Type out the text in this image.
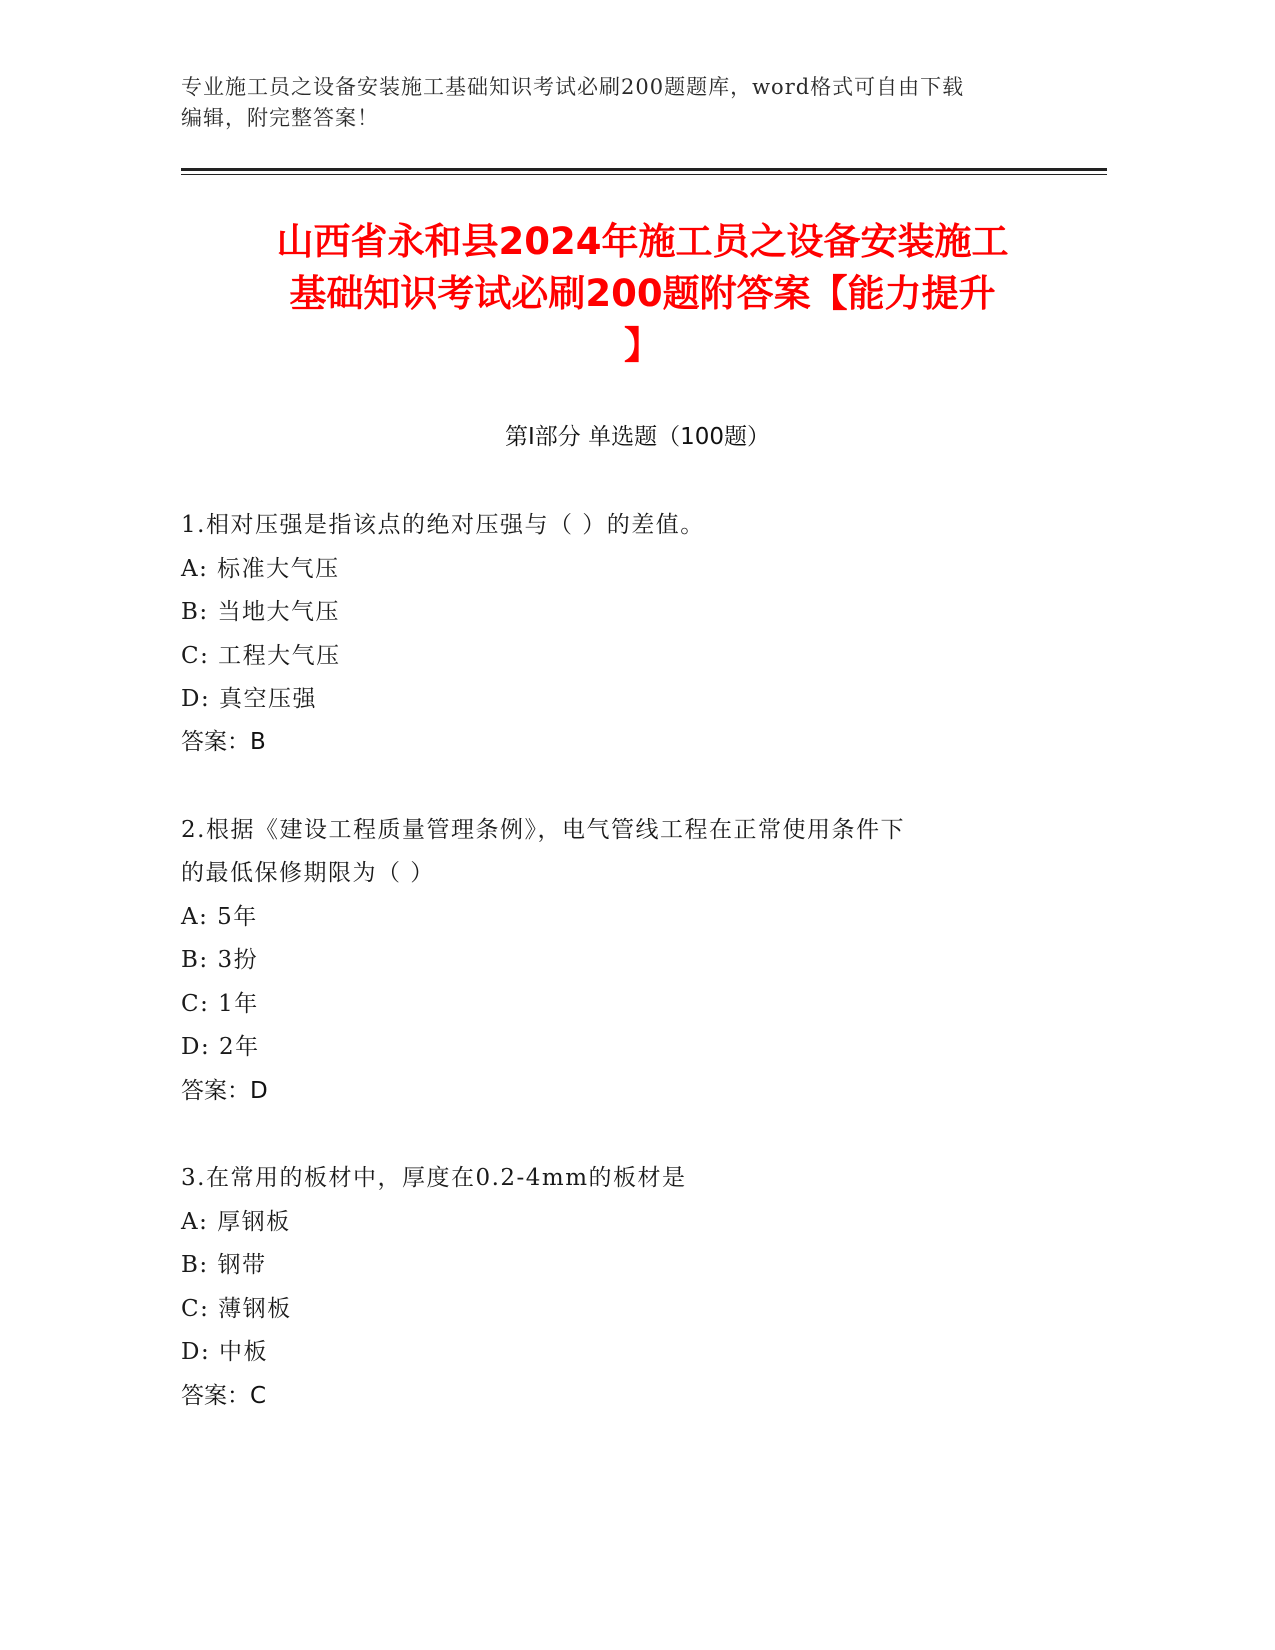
专业施工员之设备安装施工基础知识考试必刷200题题库，word格式可自由下载
编辑，附完整答案！
山西省永和县2024年施工员之设备安装施工
基础知识考试必刷200题附答案【能力提升
】
第I部分 单选题（100题）
1.相对压强是指该点的绝对压强与（ ）的差值。
A: 标准大气压
B: 当地大气压
C: 工程大气压
D: 真空压强
答案：B
2.根据《建设工程质量管理条例》，电气管线工程在正常使用条件下
的最低保修期限为（ ）
A: 5年
B: 3扮
C: 1年
D: 2年
答案：D
3.在常用的板材中，厚度在0.2-4mm的板材是
A: 厚钢板
B: 钢带
C: 薄钢板
D: 中板
答案：C
